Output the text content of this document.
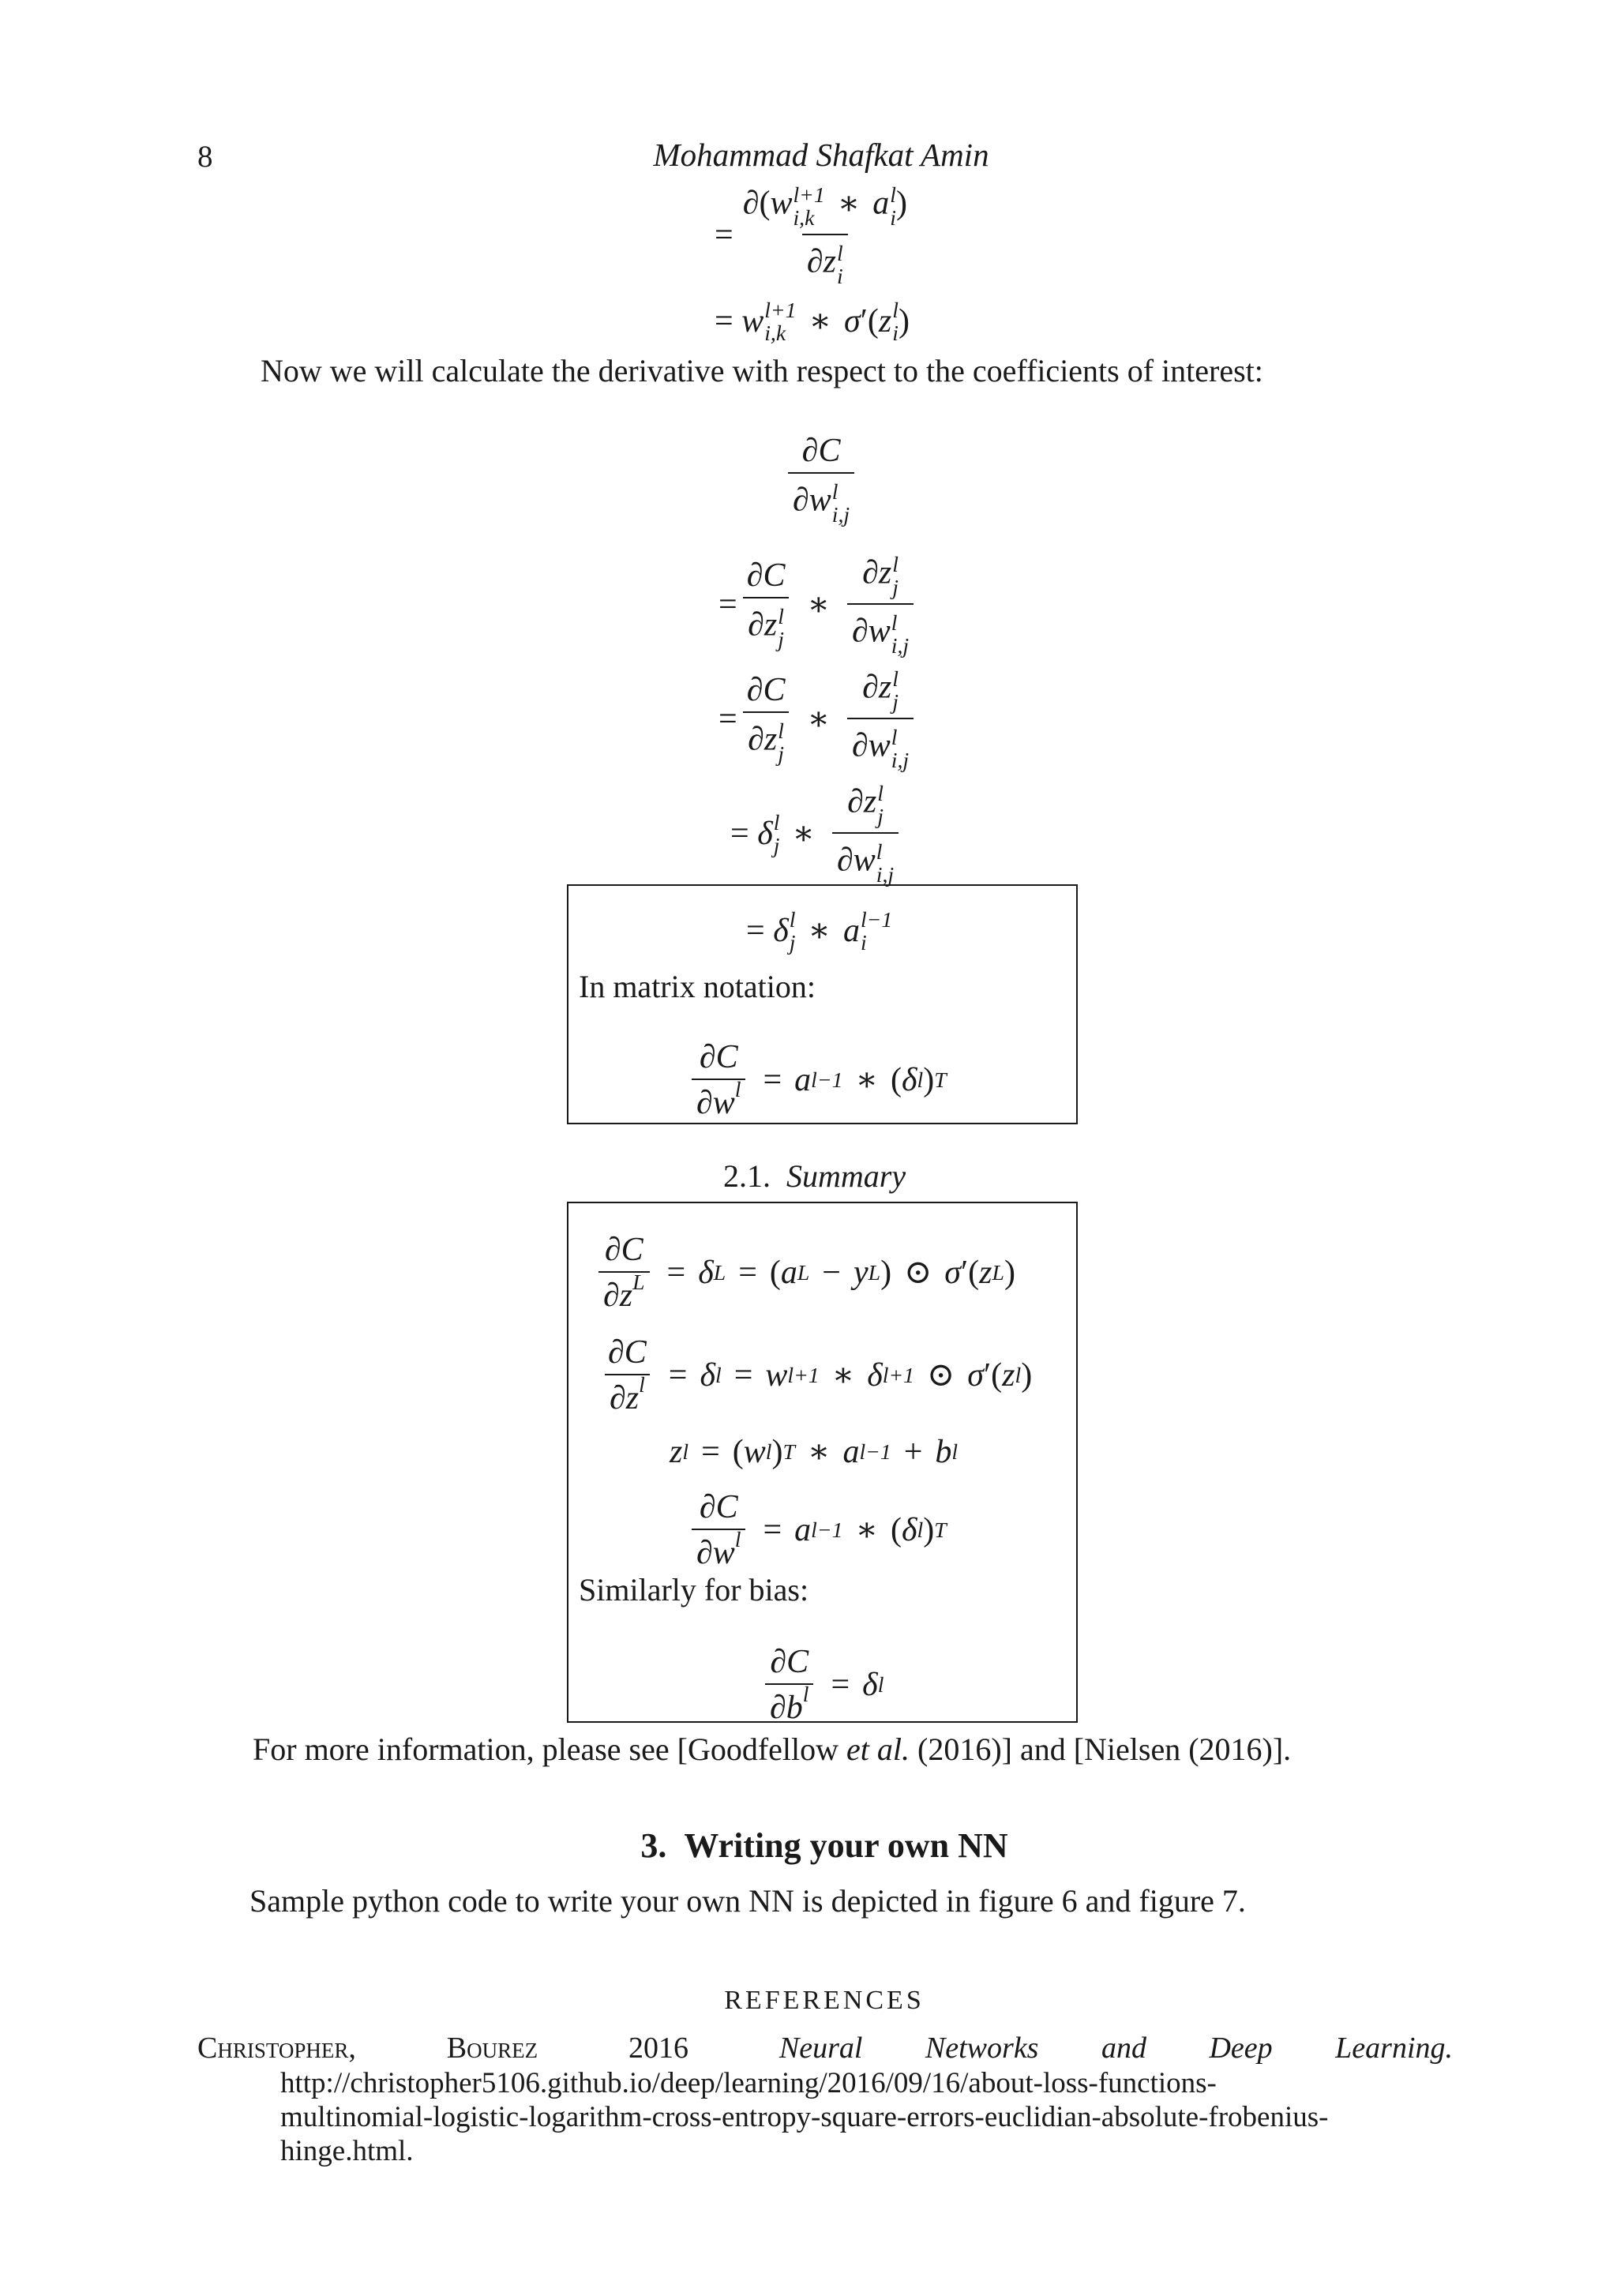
8	Mohammad Shafkat Amin
= ∂(w l+1
i,k ∗ a l
i )
∂z l
i
=
w l+1
i,k ∗ σ ′( z l
i )
Now we will calculate the derivative with respect to the coefficients of interest:
∂C
∂w l
i,j
= ∂C
∂z l
j ∗ ∂z l
j
∂w l
i,j
= ∂C
∂z l
j ∗ ∂z l
j
∂w l
i,j
=
δ l
j ∗ ∂z l
j
∂w l
i,j
=
δ l
j ∗ a l−1
i
In matrix notation:
$\frac{\partial C}{\partial w^l} = a$ l−1 ∗ ( δ l ) T
2.1. Summary
$\frac{\partial C}{\partial z^L} = \delta$ L = ( a L − y L ) ⊙ σ ′( z L )
$\frac{\partial C}{\partial z^l} = \delta$ l = w l+1 ∗ δ l+1 ⊙ σ ′( z l )
z l = ( w l ) T ∗ a l−1 + b l
$\frac{\partial C}{\partial w^l} = a$ l−1 ∗ ( δ l ) T
Similarly for bias:
$\frac{\partial C}{\partial b^l} = \delta$ l
For more information, please see [Goodfellow et al. (2016)] and [Nielsen (2016)].
3. Writing your own NN
Sample python code to write your own NN is depicted in figure 6 and figure 7.
REFERENCES
Christopher,	Bourez	2016	Neural Networks and Deep Learning.
http://christopher5106.github.io/deep/learning/2016/09/16/about-loss-functions-
multinomial-logistic-logarithm-cross-entropy-square-errors-euclidian-absolute-frobenius-
hinge.html.
